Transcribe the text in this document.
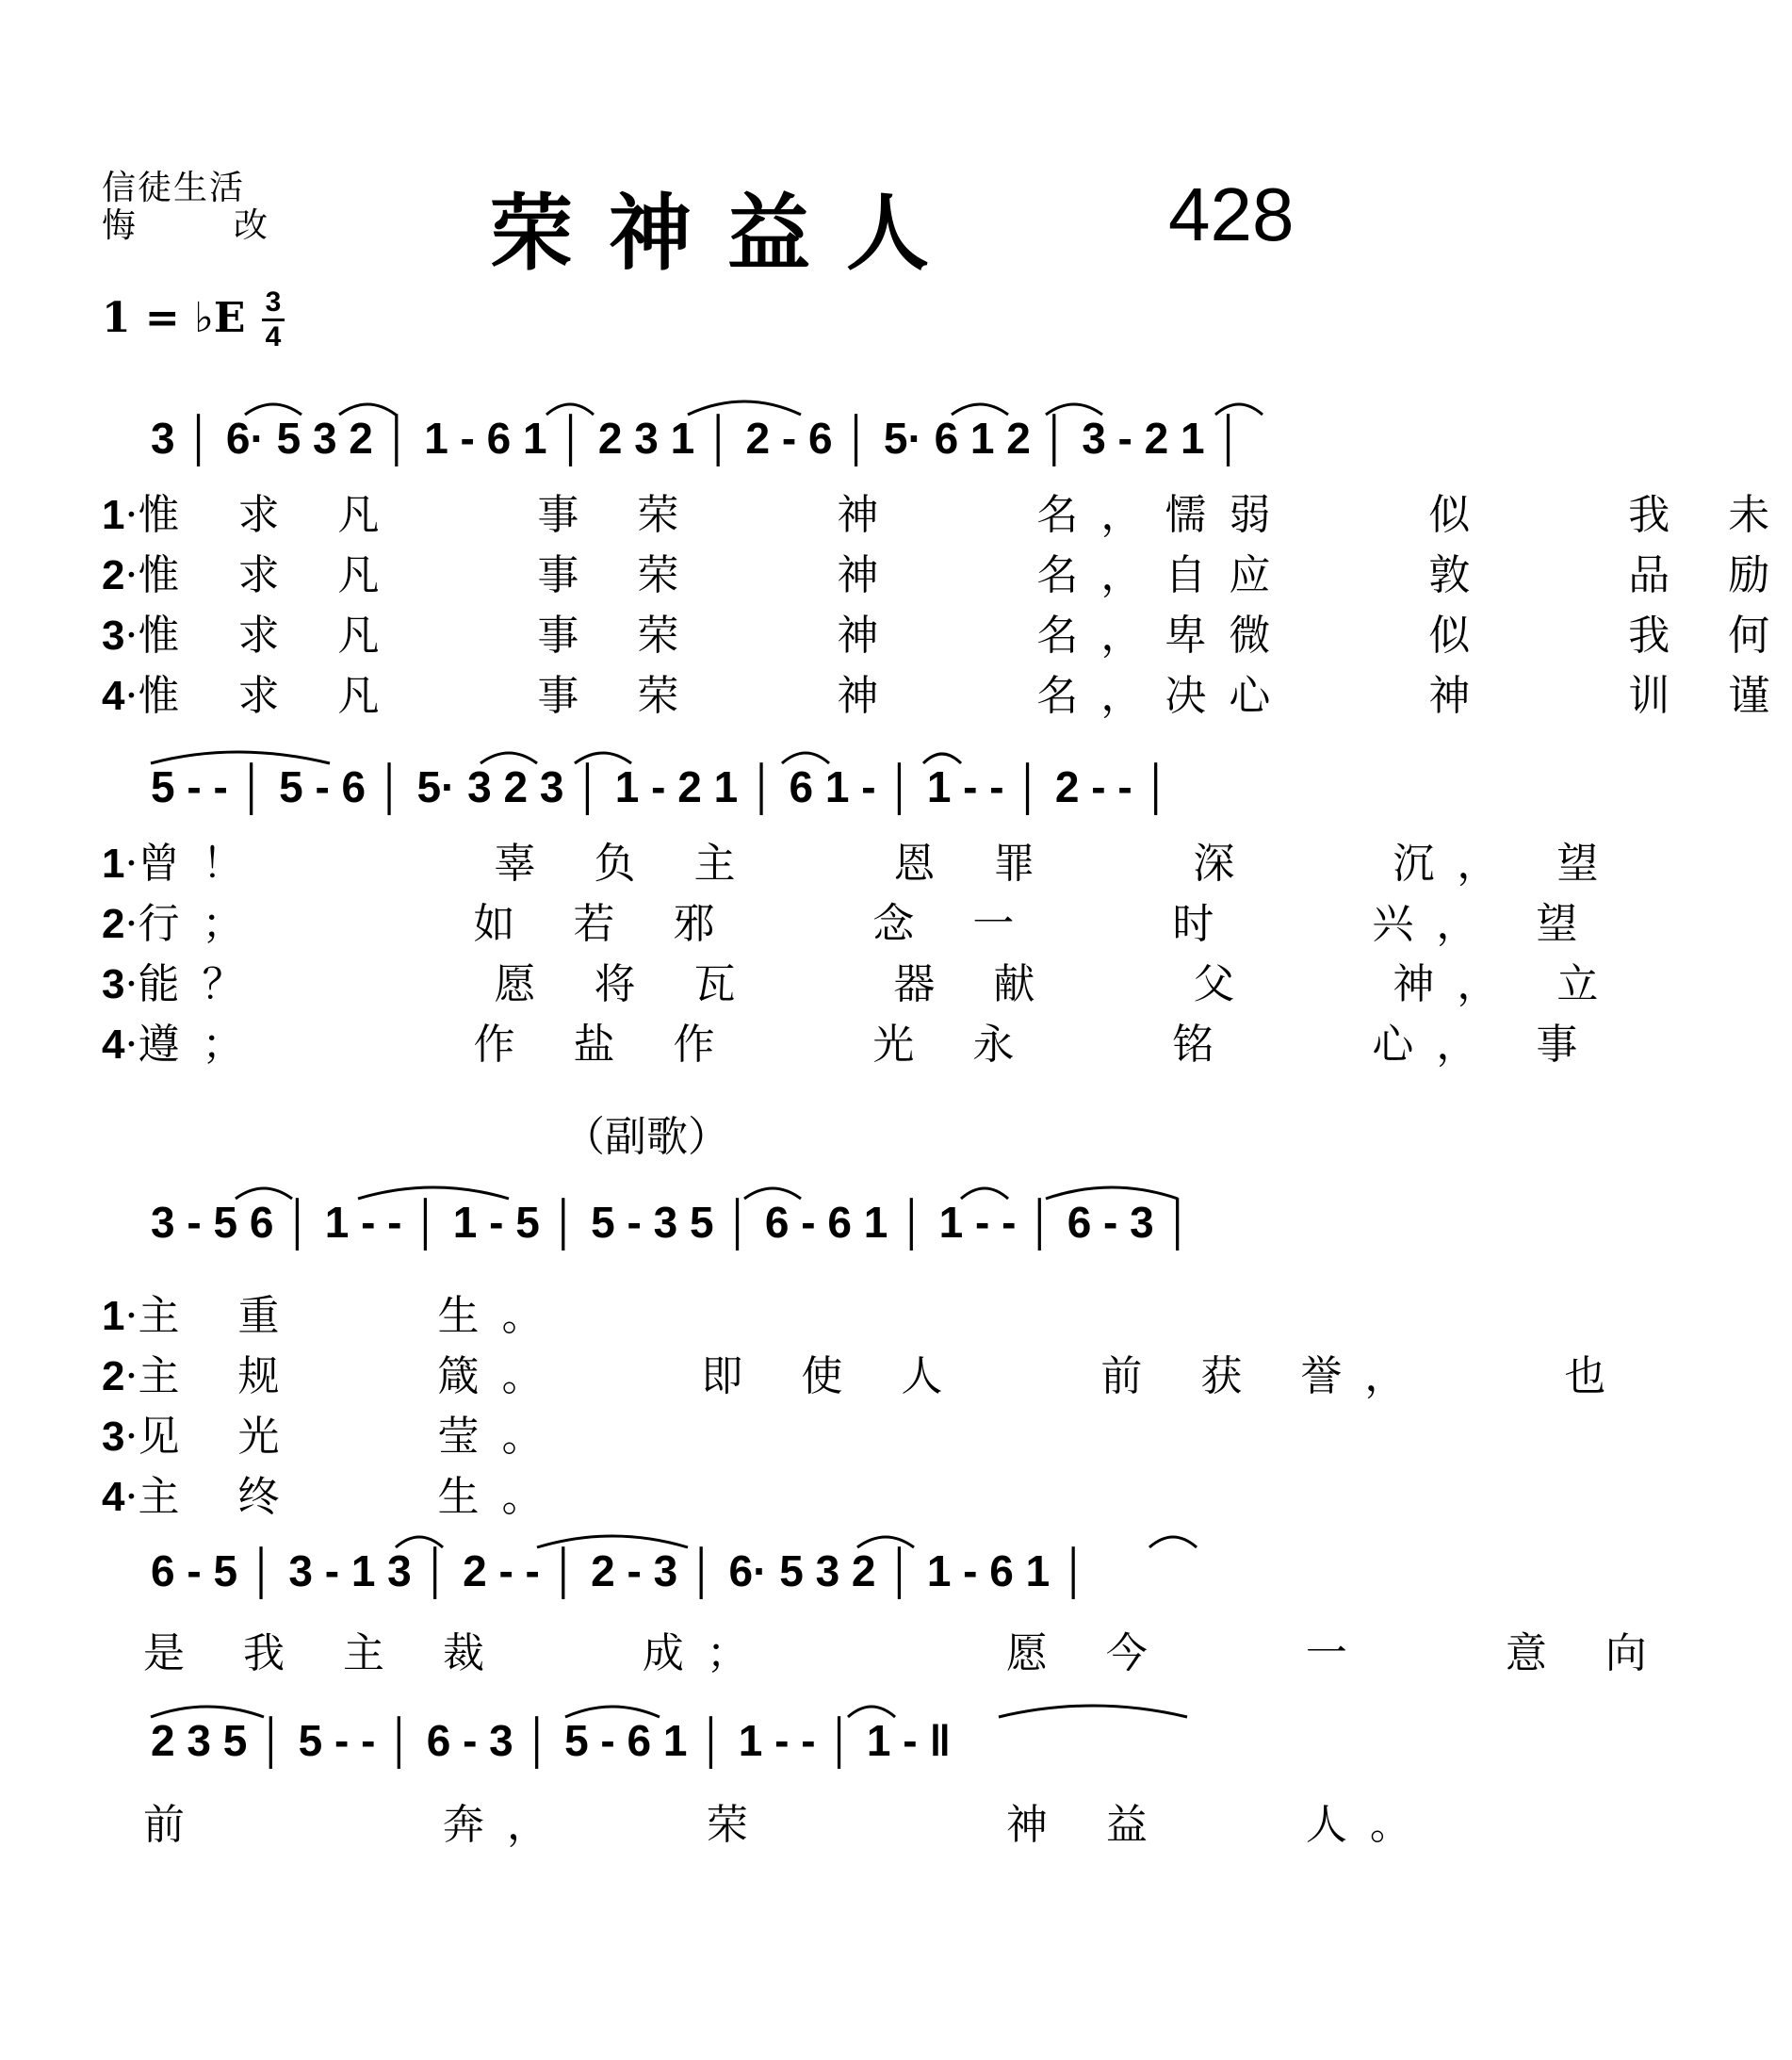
信徒生活
悔　改 荣神益人	428
1 = ♭E 3
4
3 │ 6· 5 3 2 │ 1 - 6 1 │ 2 3 1 │ 2 - 6 │ 5· 6 1 2 │ 3 - 2 1 │
1·惟 求 凡 　 事 荣 　 神 　 名，懦弱 　 似 　 我 未
2·惟 求 凡 　 事 荣 　 神 　 名，自应 　 敦 　 品 励
3·惟 求 凡 　 事 荣 　 神 　 名，卑微 　 似 　 我 何
4·惟 求 凡 　 事 荣 　 神 　 名，决心 　 神 　 训 谨
5 - - │ 5 - 6 │ 5· 3 2 3 │ 1 - 2 1 │ 6 1 - │ 1 - - │ 2 - - │
1·曾！　　　 辜 负 主 　 恩 罪 　 深 　 沉， 望
2·行；　　　 如 若 邪 　 念 一 　 时 　 兴， 望
3·能？　　　 愿 将 瓦 　 器 献 　 父 　 神， 立
4·遵；　　　 作 盐 作 　 光 永 　 铭 　 心， 事
（副歌）
3 - 5 6 │ 1 - - │ 1 - 5 │ 5 - 3 5 │ 6 - 6 1 │ 1 - - │ 6 - 3 │
1·主 重 　 生。
2·主 规 　 箴。 　 即 使 人 　 前 获 誉， 　 也
3·见 光 　 莹。
4·主 终 　 生。
6 - 5 │ 3 - 1 3 │ 2 - - │ 2 - 3 │ 6· 5 3 2 │ 1 - 6 1 │
是 我 主 裁 　 成； 　 　 愿 今 　 一 　 意 向
2 3 5 │ 5 - - │ 6 - 3 │ 5 - 6 1 │ 1 - - │ 1 - ‖
前 　 　 奔， 　 荣 　 　 神 益 　 人。
